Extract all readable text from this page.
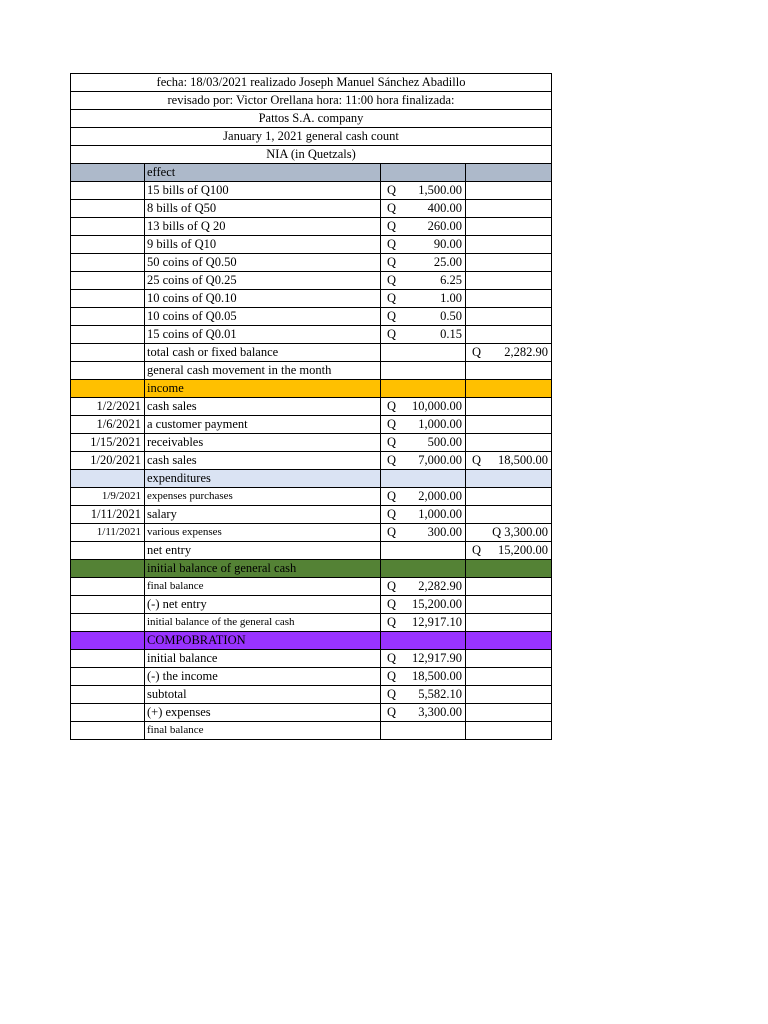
fecha: 18/03/2021 realizado Joseph Manuel Sánchez Abadillo			
revisado por: Victor Orellana hora: 11:00 hora finalizada:			
Pattos S.A. company			
January 1, 2021 general cash count			
NIA (in Quetzals)			
	effect		
	15 bills of Q100	Q 1,500.00	

	8 bills of Q50	Q 400.00	

	13 bills of Q 20	Q 260.00	

	9 bills of Q10	Q 90.00	

	50 coins of Q0.50	Q 25.00	

	25 coins of Q0.25	Q 6.25	

	10 coins of Q0.10	Q 1.00	

	10 coins of Q0.05	Q 0.50	

	15 coins of Q0.01	Q 0.15	

	total cash or fixed balance		Q 2,282.90

	general cash movement in the month		
	income		
1/2/2021	cash sales	Q 10,000.00	

1/6/2021	a customer payment	Q 1,000.00	

1/15/2021	receivables	Q 500.00	

1/20/2021	cash sales	Q 7,000.00	Q 18,500.00

	expenditures		
1/9/2021	expenses purchases	Q 2,000.00	

1/11/2021	salary	Q 1,000.00	

1/11/2021	various expenses	Q 300.00	Q 3,300.00

	net entry		Q 15,200.00

	initial balance of general cash		
	final balance	Q 2,282.90	

	(-) net entry	Q 15,200.00	

	initial balance of the general cash	Q 12,917.10	

	COMPOBRATION		
	initial balance	Q 12,917.90	

	(-) the income	Q 18,500.00	

	subtotal	Q 5,582.10	

	(+) expenses	Q 3,300.00	

	final balance		
